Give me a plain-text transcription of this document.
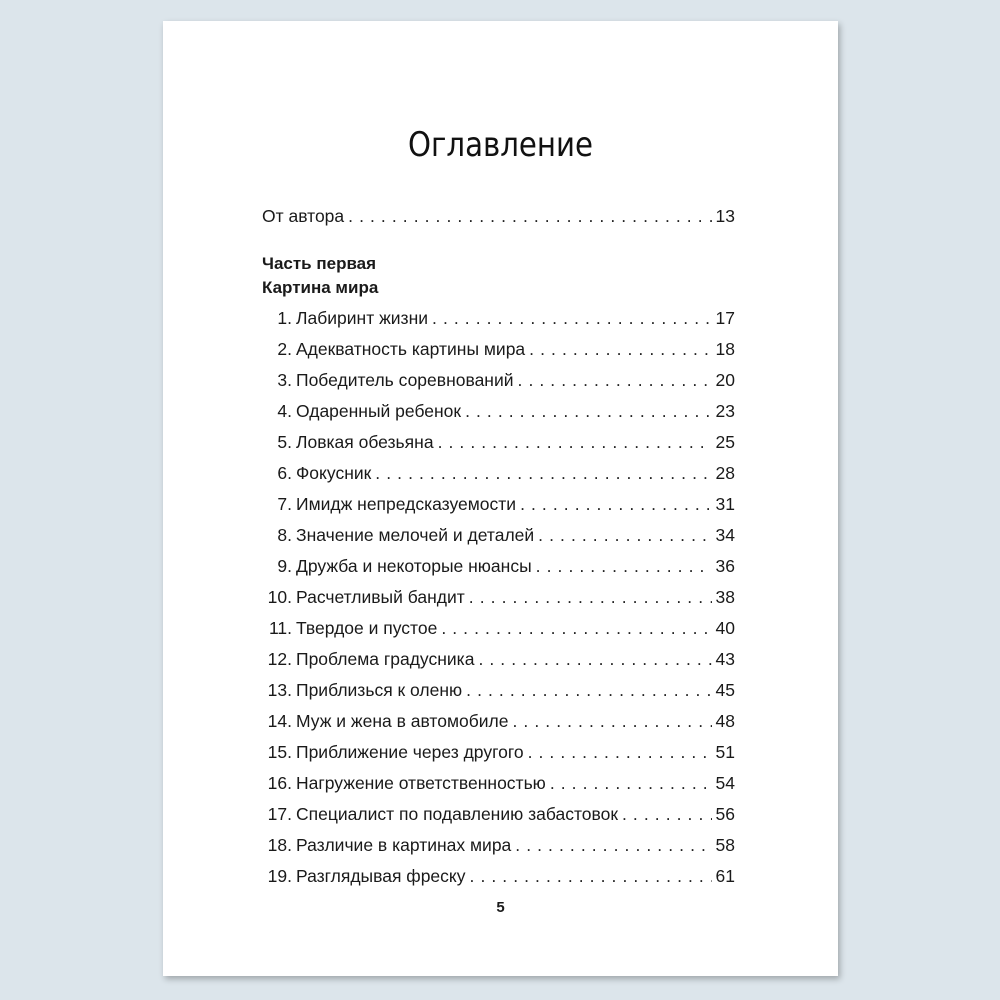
Оглавление
От автора . . .	13
Часть первая
Картина мира
1. Лабиринт жизни . . .	17
2. Адекватность картины мира . . .	18
3. Победитель соревнований . . .	20
4. Одаренный ребенок . . .	23
5. Ловкая обезьяна . . .	25
6. Фокусник . . .	28
7. Имидж непредсказуемости . . .	31
8. Значение мелочей и деталей . . .	34
9. Дружба и некоторые нюансы . . .	36
10. Расчетливый бандит . . .	38
11. Твердое и пустое . . .	40
12. Проблема градусника . . .	43
13. Приблизься к оленю . . .	45
14. Муж и жена в автомобиле . . .	48
15. Приближение через другого . . .	51
16. Нагружение ответственностью . . .	54
17. Специалист по подавлению забастовок . . .	56
18. Различие в картинах мира . . .	58
19. Разглядывая фреску . . .	61
5
